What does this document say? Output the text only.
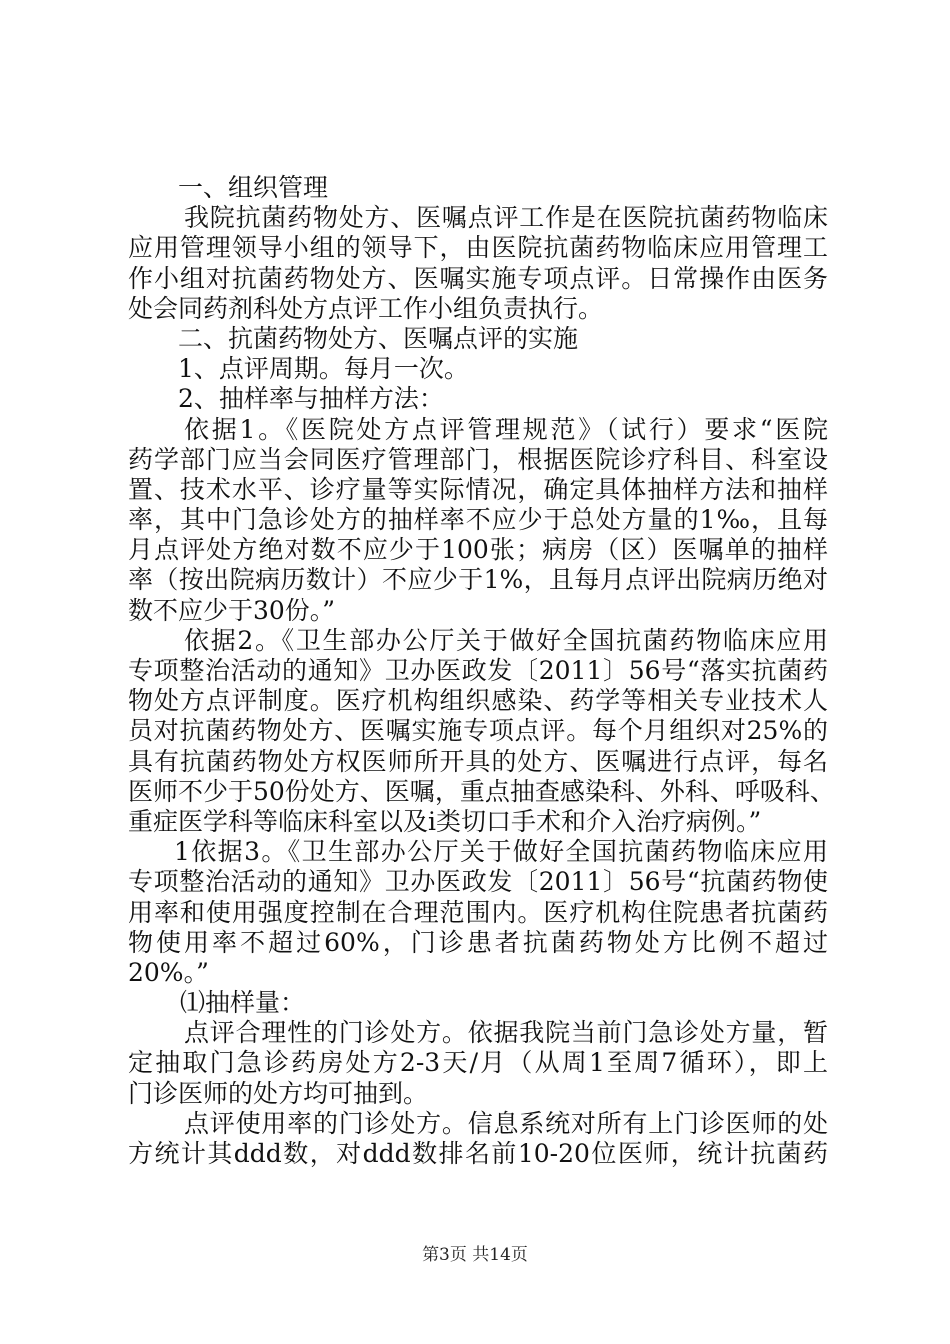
一、组织管理
我院抗菌药物处方、医嘱点评工作是在医院抗菌药物临床
应用管理领导小组的领导下，由医院抗菌药物临床应用管理工
作小组对抗菌药物处方、医嘱实施专项点评。日常操作由医务
处会同药剂科处方点评工作小组负责执行。
二、抗菌药物处方、医嘱点评的实施
1、点评周期。每月一次。
2、抽样率与抽样方法：
依据1。《医院处方点评管理规范》（试行）要求“医院
药学部门应当会同医疗管理部门，根据医院诊疗科目、科室设
置、技术水平、诊疗量等实际情况，确定具体抽样方法和抽样
率，其中门急诊处方的抽样率不应少于总处方量的1‰，且每
月点评处方绝对数不应少于100张；病房（区）医嘱单的抽样
率（按出院病历数计）不应少于1%，且每月点评出院病历绝对
数不应少于30份。”
依据2。《卫生部办公厅关于做好全国抗菌药物临床应用
专项整治活动的通知》卫办医政发〔2011〕56号“落实抗菌药
物处方点评制度。医疗机构组织感染、药学等相关专业技术人
员对抗菌药物处方、医嘱实施专项点评。每个月组织对25%的
具有抗菌药物处方权医师所开具的处方、医嘱进行点评，每名
医师不少于50份处方、医嘱，重点抽查感染科、外科、呼吸科、
重症医学科等临床科室以及i类切口手术和介入治疗病例。”
1依据3。《卫生部办公厅关于做好全国抗菌药物临床应用
专项整治活动的通知》卫办医政发〔2011〕56号“抗菌药物使
用率和使用强度控制在合理范围内。医疗机构住院患者抗菌药
物使用率不超过60%，门诊患者抗菌药物处方比例不超过
20%。”
⑴抽样量：
点评合理性的门诊处方。依据我院当前门急诊处方量，暂
定抽取门急诊药房处方2-3天/月（从周1至周7循环），即上
门诊医师的处方均可抽到。
点评使用率的门诊处方。信息系统对所有上门诊医师的处
方统计其ddd数，对ddd数排名前10-20位医师，统计抗菌药
第3页 共14页
